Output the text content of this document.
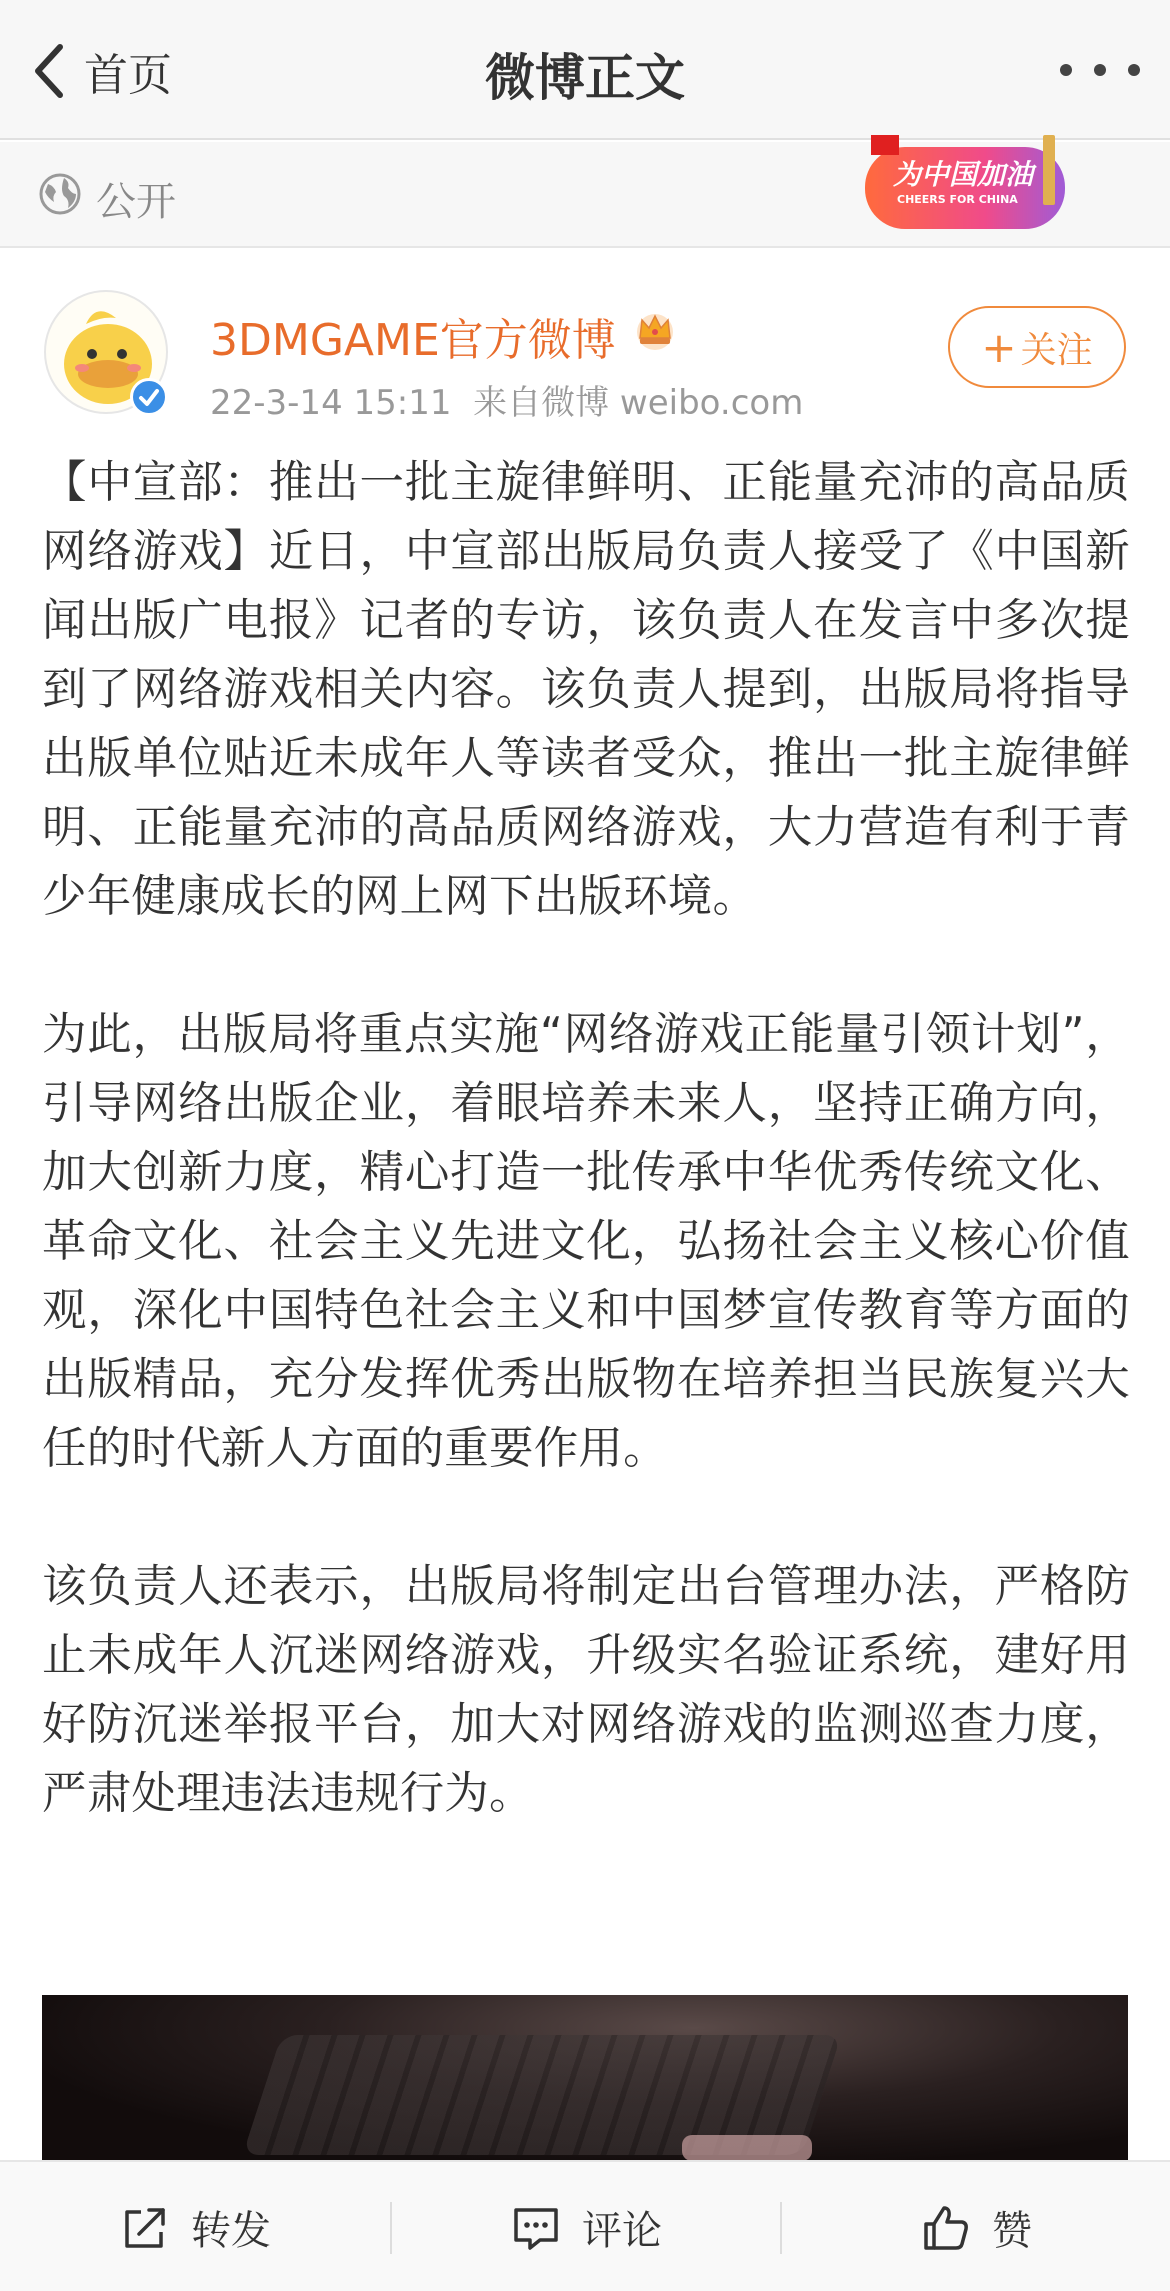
首页	微博正文
公开
为中国加油
CHEERS FOR CHINA
3DMGAME官方微博
22-3-14 15:11 来自微博 weibo.com
+ 关注

【中宣部：推出一批主旋律鲜明、正能量充沛的高品质网络游戏】近日，中宣部出版局负责人接受了《中国新闻出版广电报》记者的专访，该负责人在发言中多次提到了网络游戏相关内容。该负责人提到，出版局将指导出版单位贴近未成年人等读者受众，推出一批主旋律鲜明、正能量充沛的高品质网络游戏，大力营造有利于青少年健康成长的网上网下出版环境。

为此，出版局将重点实施“网络游戏正能量引领计划”，引导网络出版企业，着眼培养未来人，坚持正确方向，加大创新力度，精心打造一批传承中华优秀传统文化、革命文化、社会主义先进文化，弘扬社会主义核心价值观，深化中国特色社会主义和中国梦宣传教育等方面的出版精品，充分发挥优秀出版物在培养担当民族复兴大任的时代新人方面的重要作用。

该负责人还表示，出版局将制定出台管理办法，严格防止未成年人沉迷网络游戏，升级实名验证系统，建好用好防沉迷举报平台，加大对网络游戏的监测巡查力度，严肃处理违法违规行为。

转发	评论	赞
